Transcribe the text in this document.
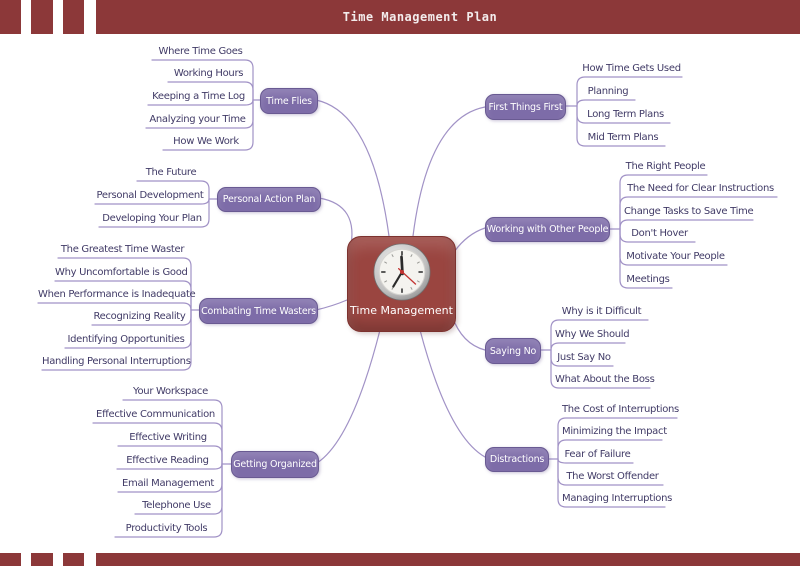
Time Management Plan
Time Management
Time Flies
Personal Action Plan
Combating Time Wasters
Getting Organized
First Things First
Working with Other People
Saying No
Distractions
Where Time Goes
Working Hours
Keeping a Time Log
Analyzing your Time
How We Work
The Future
Personal Development
Developing Your Plan
The Greatest Time Waster
Why Uncomfortable is Good
When Performance is Inadequate
Recognizing Reality
Identifying Opportunities
Handling Personal Interruptions
Your Workspace
Effective Communication
Effective Writing
Effective Reading
Email Management
Telephone Use
Productivity Tools
How Time Gets Used
Planning
Long Term Plans
Mid Term Plans
The Right People
The Need for Clear Instructions
Change Tasks to Save Time
Don't Hover
Motivate Your People
Meetings
Why is it Difficult
Why We Should
Just Say No
What About the Boss
The Cost of Interruptions
Minimizing the Impact
Fear of Failure
The Worst Offender
Managing Interruptions
